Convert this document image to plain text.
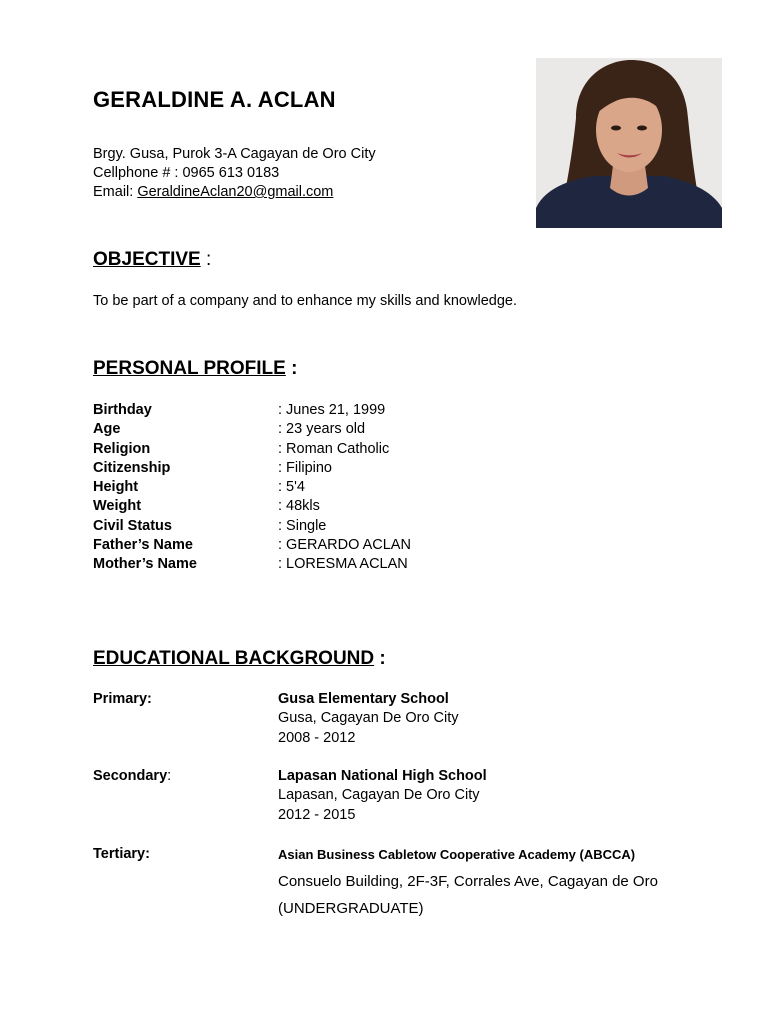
GERALDINE A. ACLAN
Brgy. Gusa, Purok 3-A Cagayan de Oro City
Cellphone # : 0965 613 0183
Email: GeraldineAclan20@gmail.com
OBJECTIVE :
To be part of a company and to enhance my skills and knowledge.
PERSONAL PROFILE :
Birthday	: Junes 21, 1999
Age	: 23 years old
Religion	: Roman Catholic
Citizenship	: Filipino
Height	: 5'4
Weight	: 48kls
Civil Status	: Single
Father’s Name	: GERARDO ACLAN
Mother’s Name	: LORESMA ACLAN
EDUCATIONAL BACKGROUND :
Primary:	Gusa Elementary School
Gusa, Cagayan De Oro City
2008 - 2012
Secondary:	Lapasan National High School
Lapasan, Cagayan De Oro City
2012 - 2015
Tertiary:	Asian Business Cabletow Cooperative Academy (ABCCA)
Consuelo Building, 2F-3F, Corrales Ave, Cagayan de Oro
(UNDERGRADUATE)
